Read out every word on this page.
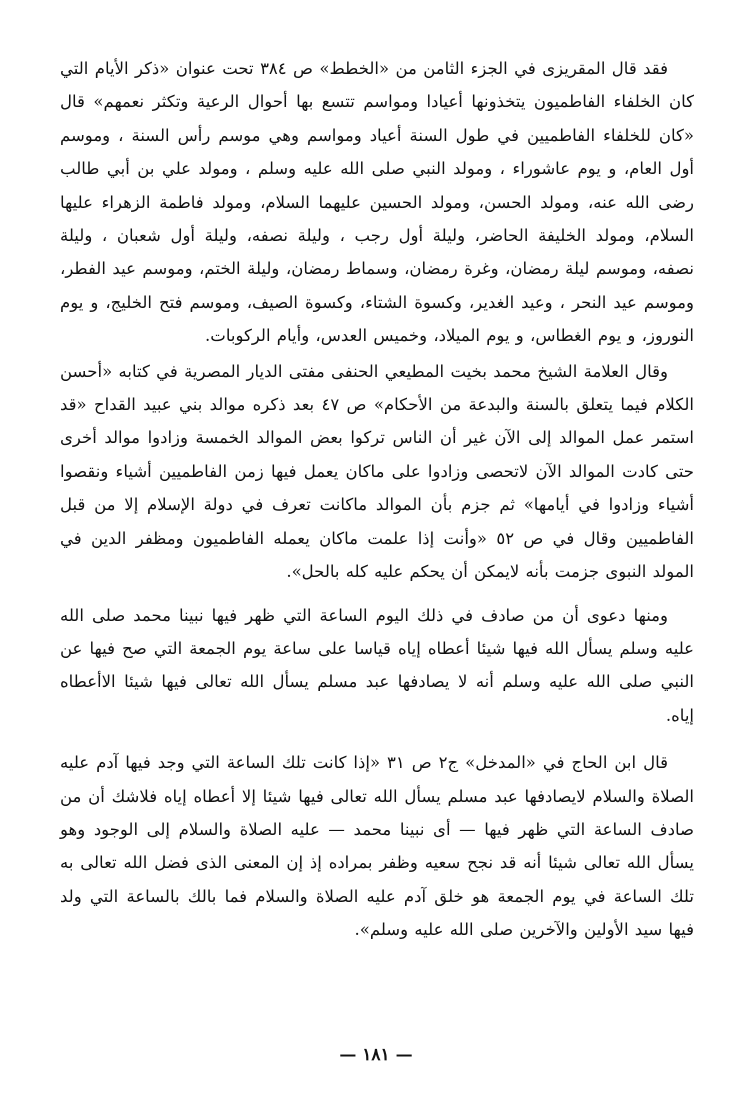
فقد قال المقريزى في الجزء الثامن من «الخطط» ص ٣٨٤ تحت عنوان «ذكر الأيام التي كان الخلفاء الفاطميون يتخذونها أعيادا ومواسم تتسع بها أحوال الرعية وتكثر نعمهم» قال «كان للخلفاء الفاطميين في طول السنة أعياد ومواسم وهي موسم رأس السنة ، وموسم أول العام، و يوم عاشوراء ، ومولد النبي صلى الله عليه وسلم ، ومولد علي بن أبي طالب رضى الله عنه، ومولد الحسن، ومولد الحسين عليهما السلام، ومولد فاطمة الزهراء عليها السلام، ومولد الخليفة الحاضر، وليلة أول رجب ، وليلة نصفه، وليلة أول شعبان ، وليلة نصفه، وموسم ليلة رمضان، وغرة رمضان، وسماط رمضان، وليلة الختم، وموسم عيد الفطر، وموسم عيد النحر ، وعيد الغدير، وكسوة الشتاء، وكسوة الصيف، وموسم فتح الخليج، و يوم النوروز، و يوم الغطاس، و يوم الميلاد، وخميس العدس، وأيام الركوبات.

وقال العلامة الشيخ محمد بخيت المطيعي الحنفى مفتى الديار المصرية في كتابه «أحسن الكلام فيما يتعلق بالسنة والبدعة من الأحكام» ص ٤٧ بعد ذكره موالد بني عبيد القداح «قد استمر عمل الموالد إلى الآن غير أن الناس تركوا بعض الموالد الخمسة وزادوا موالد أخرى حتى كادت الموالد الآن لاتحصى وزادوا على ماكان يعمل فيها زمن الفاطميين أشياء ونقصوا أشياء وزادوا في أيامها» ثم جزم بأن الموالد ماكانت تعرف في دولة الإسلام إلا من قبل الفاطميين وقال في ص ٥٢ «وأنت إذا علمت ماكان يعمله الفاطميون ومظفر الدين في المولد النبوى جزمت بأنه لايمكن أن يحكم عليه كله بالحل».

ومنها دعوى أن من صادف في ذلك اليوم الساعة التي ظهر فيها نبينا محمد صلى الله عليه وسلم يسأل الله فيها شيئا أعطاه إياه قياسا على ساعة يوم الجمعة التي صح فيها عن النبي صلى الله عليه وسلم أنه لا يصادفها عبد مسلم يسأل الله تعالى فيها شيئا الاأعطاه إياه.

قال ابن الحاج في «المدخل» ج٢ ص ٣١ «إذا كانت تلك الساعة التي وجد فيها آدم عليه الصلاة والسلام لايصادفها عبد مسلم يسأل الله تعالى فيها شيئا إلا أعطاه إياه فلاشك أن من صادف الساعة التي ظهر فيها — أى نبينا محمد — عليه الصلاة والسلام إلى الوجود وهو يسأل الله تعالى شيئا أنه قد نجح سعيه وظفر بمراده إذ إن المعنى الذى فضل الله تعالى به تلك الساعة في يوم الجمعة هو خلق آدم عليه الصلاة والسلام فما بالك بالساعة التي ولد فيها سيد الأولين والآخرين صلى الله عليه وسلم».

— ١٨١ —
